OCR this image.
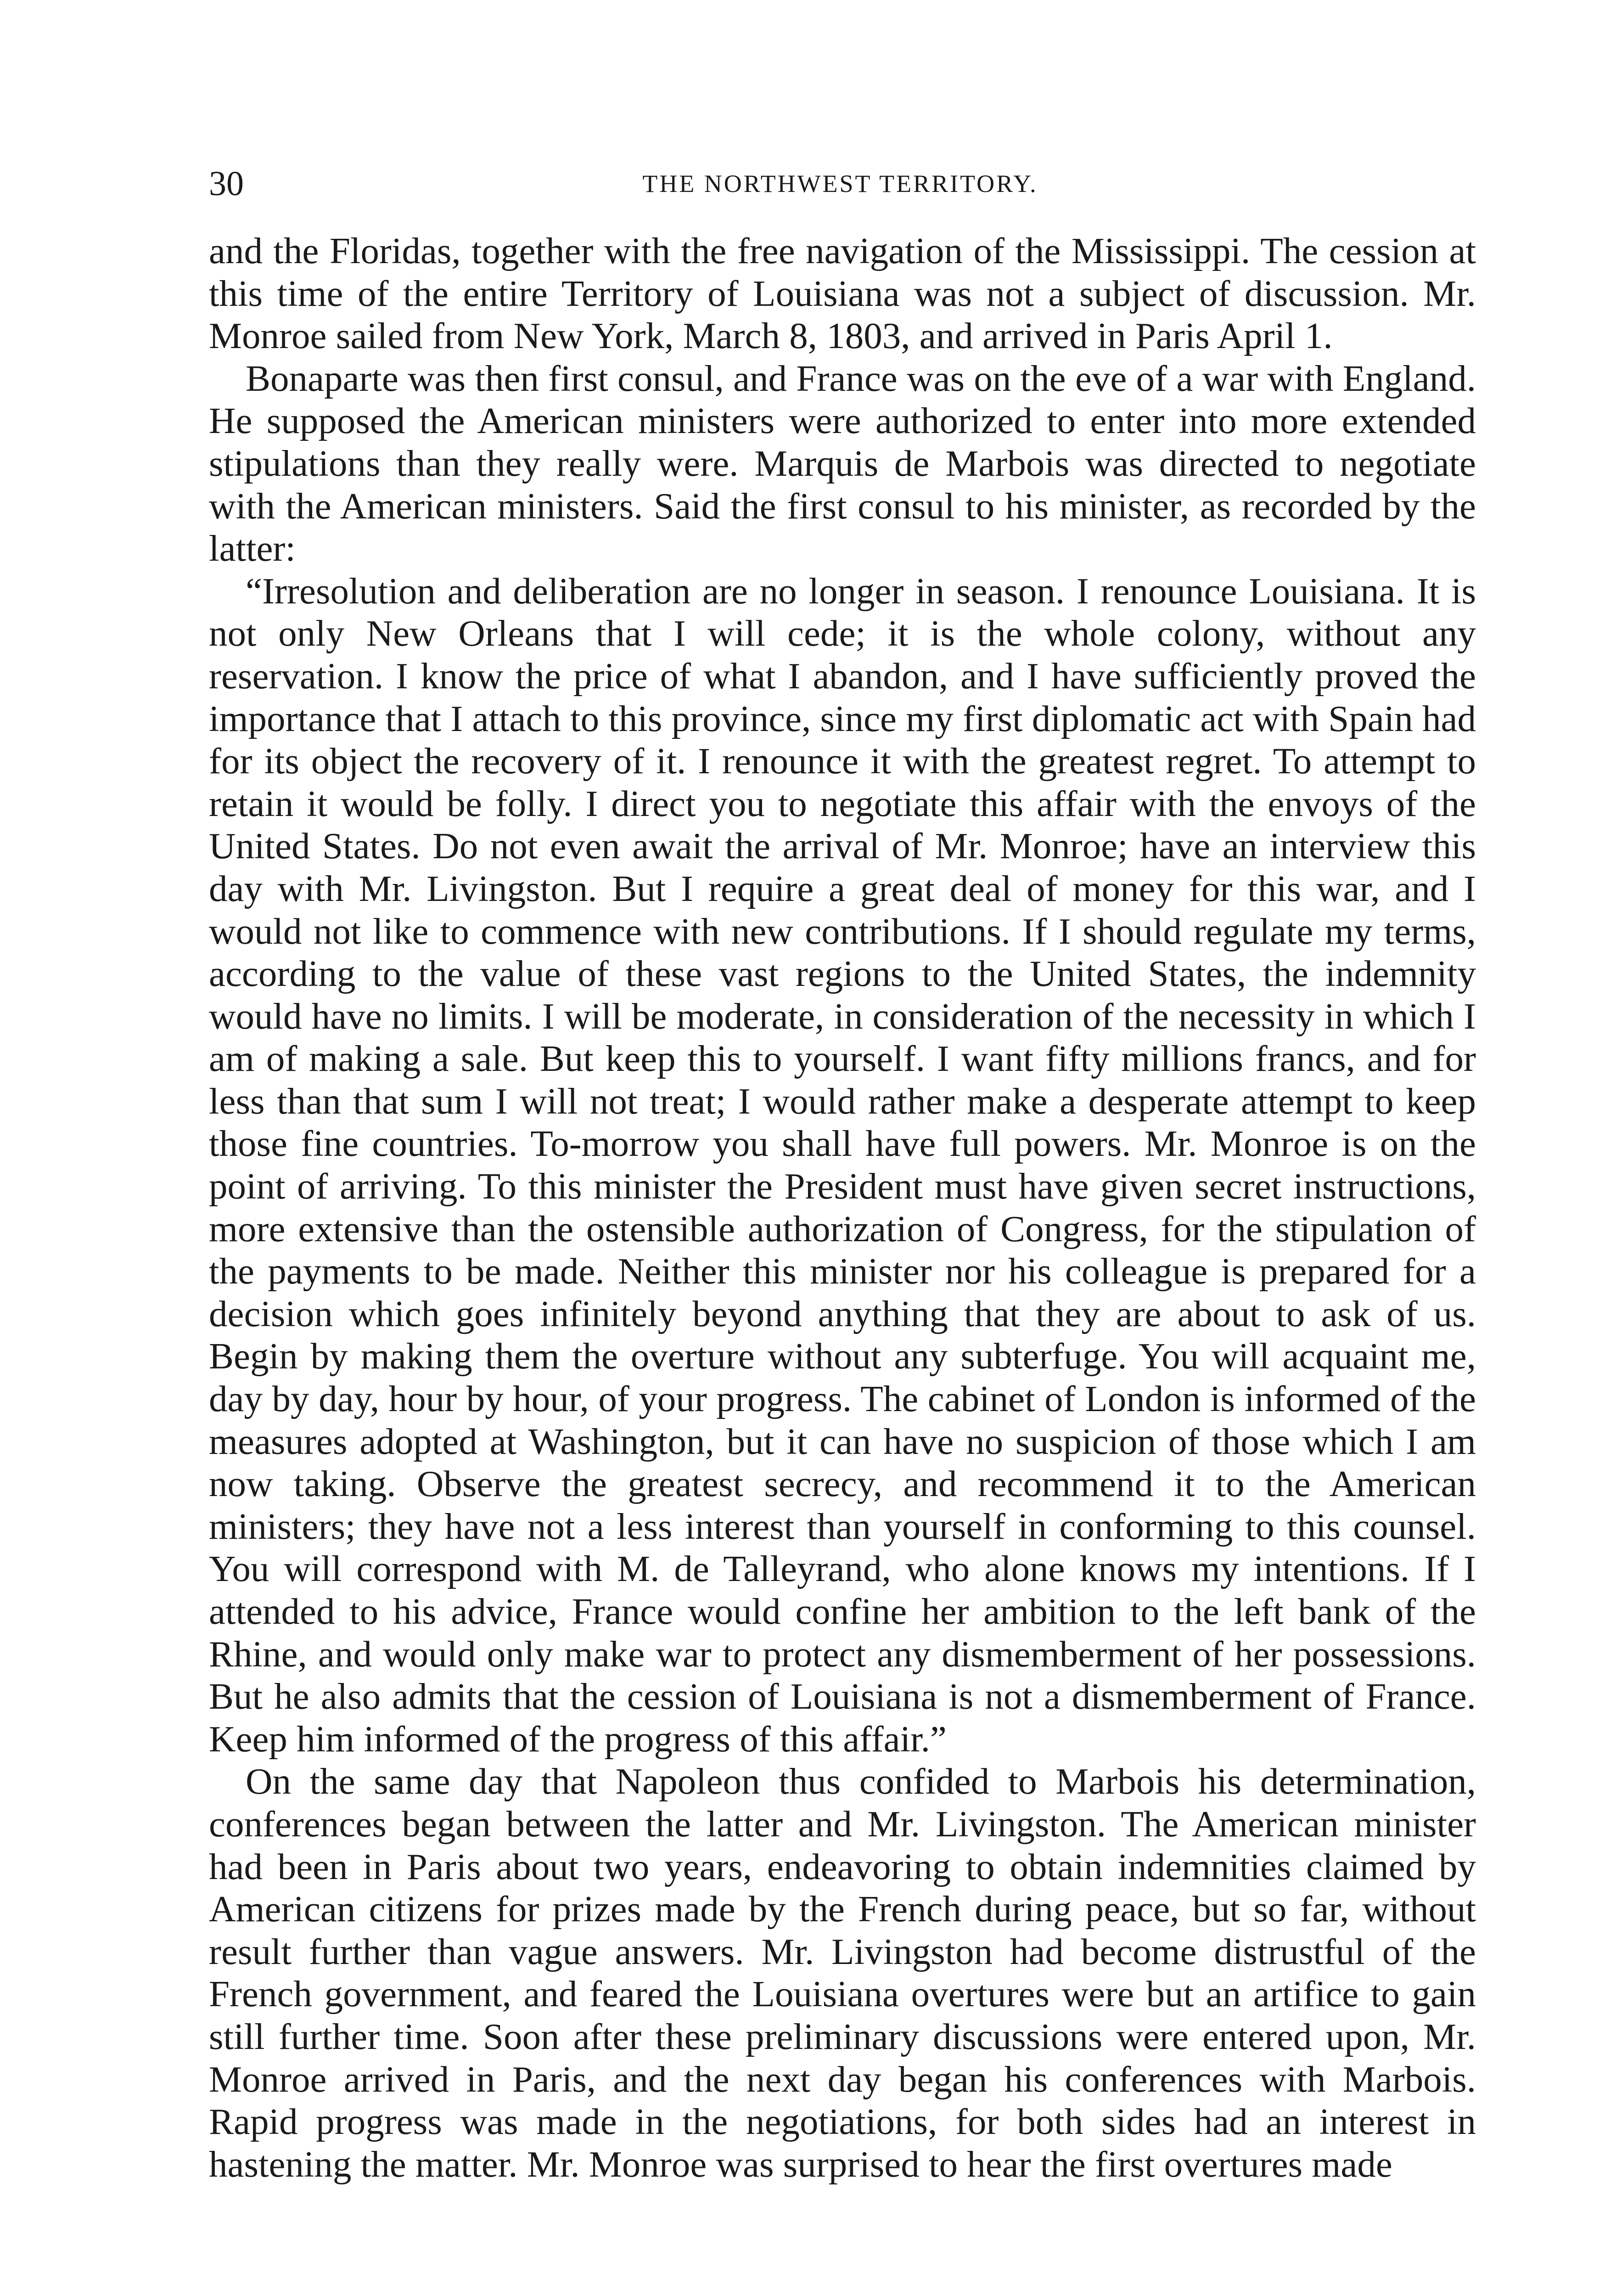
30	THE NORTHWEST TERRITORY.

and the Floridas, together with the free navigation of the Mississippi. The cession at this time of the entire Territory of Louisiana was not a subject of discussion. Mr. Monroe sailed from New York, March 8, 1803, and arrived in Paris April 1.

Bonaparte was then first consul, and France was on the eve of a war with England. He supposed the American ministers were authorized to enter into more extended stipulations than they really were. Marquis de Marbois was directed to negotiate with the American ministers. Said the first consul to his minister, as recorded by the latter:

“Irresolution and deliberation are no longer in season. I renounce Louisiana. It is not only New Orleans that I will cede; it is the whole colony, without any reservation. I know the price of what I abandon, and I have sufficiently proved the importance that I attach to this province, since my first diplomatic act with Spain had for its object the recovery of it. I renounce it with the greatest regret. To attempt to retain it would be folly. I direct you to negotiate this affair with the envoys of the United States. Do not even await the arrival of Mr. Monroe; have an interview this day with Mr. Livingston. But I require a great deal of money for this war, and I would not like to commence with new contributions. If I should regulate my terms, according to the value of these vast regions to the United States, the indemnity would have no limits. I will be moderate, in consideration of the necessity in which I am of making a sale. But keep this to yourself. I want fifty millions francs, and for less than that sum I will not treat; I would rather make a desperate attempt to keep those fine countries. To-morrow you shall have full powers. Mr. Monroe is on the point of arriving. To this minister the President must have given secret instructions, more extensive than the ostensible authorization of Congress, for the stipulation of the payments to be made. Neither this minister nor his colleague is prepared for a decision which goes infinitely beyond anything that they are about to ask of us. Begin by making them the overture without any subterfuge. You will acquaint me, day by day, hour by hour, of your progress. The cabinet of London is informed of the measures adopted at Washington, but it can have no suspicion of those which I am now taking. Observe the greatest secrecy, and recommend it to the American ministers; they have not a less interest than yourself in conforming to this counsel. You will correspond with M. de Talleyrand, who alone knows my intentions. If I attended to his advice, France would confine her ambition to the left bank of the Rhine, and would only make war to protect any dismemberment of her possessions. But he also admits that the cession of Louisiana is not a dismemberment of France. Keep him informed of the progress of this affair.”

On the same day that Napoleon thus confided to Marbois his determination, conferences began between the latter and Mr. Livingston. The American minister had been in Paris about two years, endeavoring to obtain indemnities claimed by American citizens for prizes made by the French during peace, but so far, without result further than vague answers. Mr. Livingston had become distrustful of the French government, and feared the Louisiana overtures were but an artifice to gain still further time. Soon after these preliminary discussions were entered upon, Mr. Monroe arrived in Paris, and the next day began his conferences with Marbois. Rapid progress was made in the negotiations, for both sides had an interest in hastening the matter. Mr. Monroe was surprised to hear the first overtures made
